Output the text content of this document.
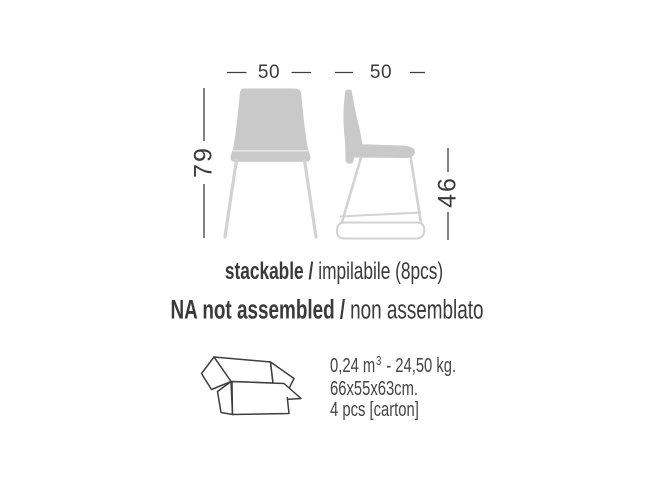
50	50
79
46
stackable / impilabile (8pcs)
NA not assembled / non assemblato
0,24 $m^3 - 24,50$ kg.
66x55x63cm.
4 pcs [carton]
